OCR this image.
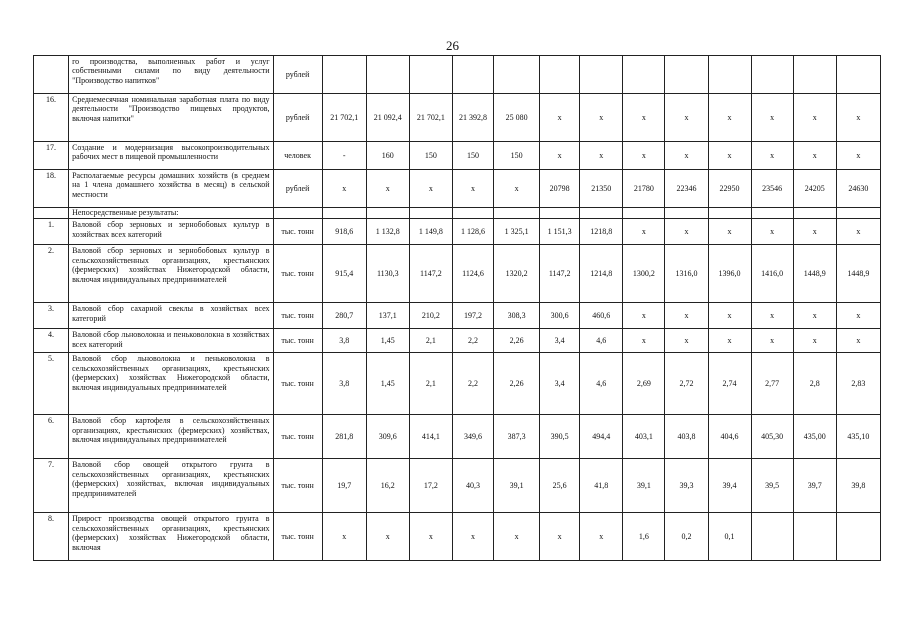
26
	го производства, выполненных работ и услуг собственными силами по виду деятельности "Производство напитков"	рублей													
16.	Среднемесячная номинальная заработная плата по виду деятельности "Производство пищевых продуктов, включая напитки"	рублей	21 702,1	21 092,4	21 702,1	21 392,8	25 080	x	x	x	x	x	x	x	x
17.	Создание и модернизация высокопроизводительных рабочих мест в пищевой промышленности	человек	-	160	150	150	150	x	x	x	x	x	x	x	x
18.	Располагаемые ресурсы домашних хозяйств (в среднем на 1 члена домашнего хозяйства в месяц) в сельской местности	рублей	x	x	x	x	x	20798	21350	21780	22346	22950	23546	24205	24630
	Непосредственные результаты:														
1.	Валовой сбор зерновых и зернобобовых культур в хозяйствах всех категорий	тыс. тонн	918,6	1 132,8	1 149,8	1 128,6	1 325,1	1 151,3	1218,8	x	x	x	x	x	x
2.	Валовой сбор зерновых и зернобобовых культур в сельскохозяйственных организациях, крестьянских (фермерских) хозяйствах Нижегородской области, включая индивидуальных предпринимателей	тыс. тонн	915,4	1130,3	1147,2	1124,6	1320,2	1147,2	1214,8	1300,2	1316,0	1396,0	1416,0	1448,9	1448,9
3.	Валовой сбор сахарной свеклы в хозяйствах всех категорий	тыс. тонн	280,7	137,1	210,2	197,2	308,3	300,6	460,6	x	x	x	x	x	x
4.	Валовой сбор льноволокна и пеньковолокна в хозяйствах всех категорий	тыс. тонн	3,8	1,45	2,1	2,2	2,26	3,4	4,6	x	x	x	x	x	x
5.	Валовой сбор льноволокна и пеньковолокна в сельскохозяйственных организациях, крестьянских (фермерских) хозяйствах Нижегородской области, включая индивидуальных предпринимателей	тыс. тонн	3,8	1,45	2,1	2,2	2,26	3,4	4,6	2,69	2,72	2,74	2,77	2,8	2,83
6.	Валовой сбор картофеля в сельскохозяйственных организациях, крестьянских (фермерских) хозяйствах, включая индивидуальных предпринимателей	тыс. тонн	281,8	309,6	414,1	349,6	387,3	390,5	494,4	403,1	403,8	404,6	405,30	435,00	435,10
7.	Валовой сбор овощей открытого грунта в сельскохозяйственных организациях, крестьянских (фермерских) хозяйствах, включая индивидуальных предпринимателей	тыс. тонн	19,7	16,2	17,2	40,3	39,1	25,6	41,8	39,1	39,3	39,4	39,5	39,7	39,8
8.	Прирост производства овощей открытого грунта в сельскохозяйственных организациях, крестьянских (фермерских) хозяйствах Нижегородской области, включая	тыс. тонн	x	x	x	x	x	x	x	1,6	0,2	0,1			
